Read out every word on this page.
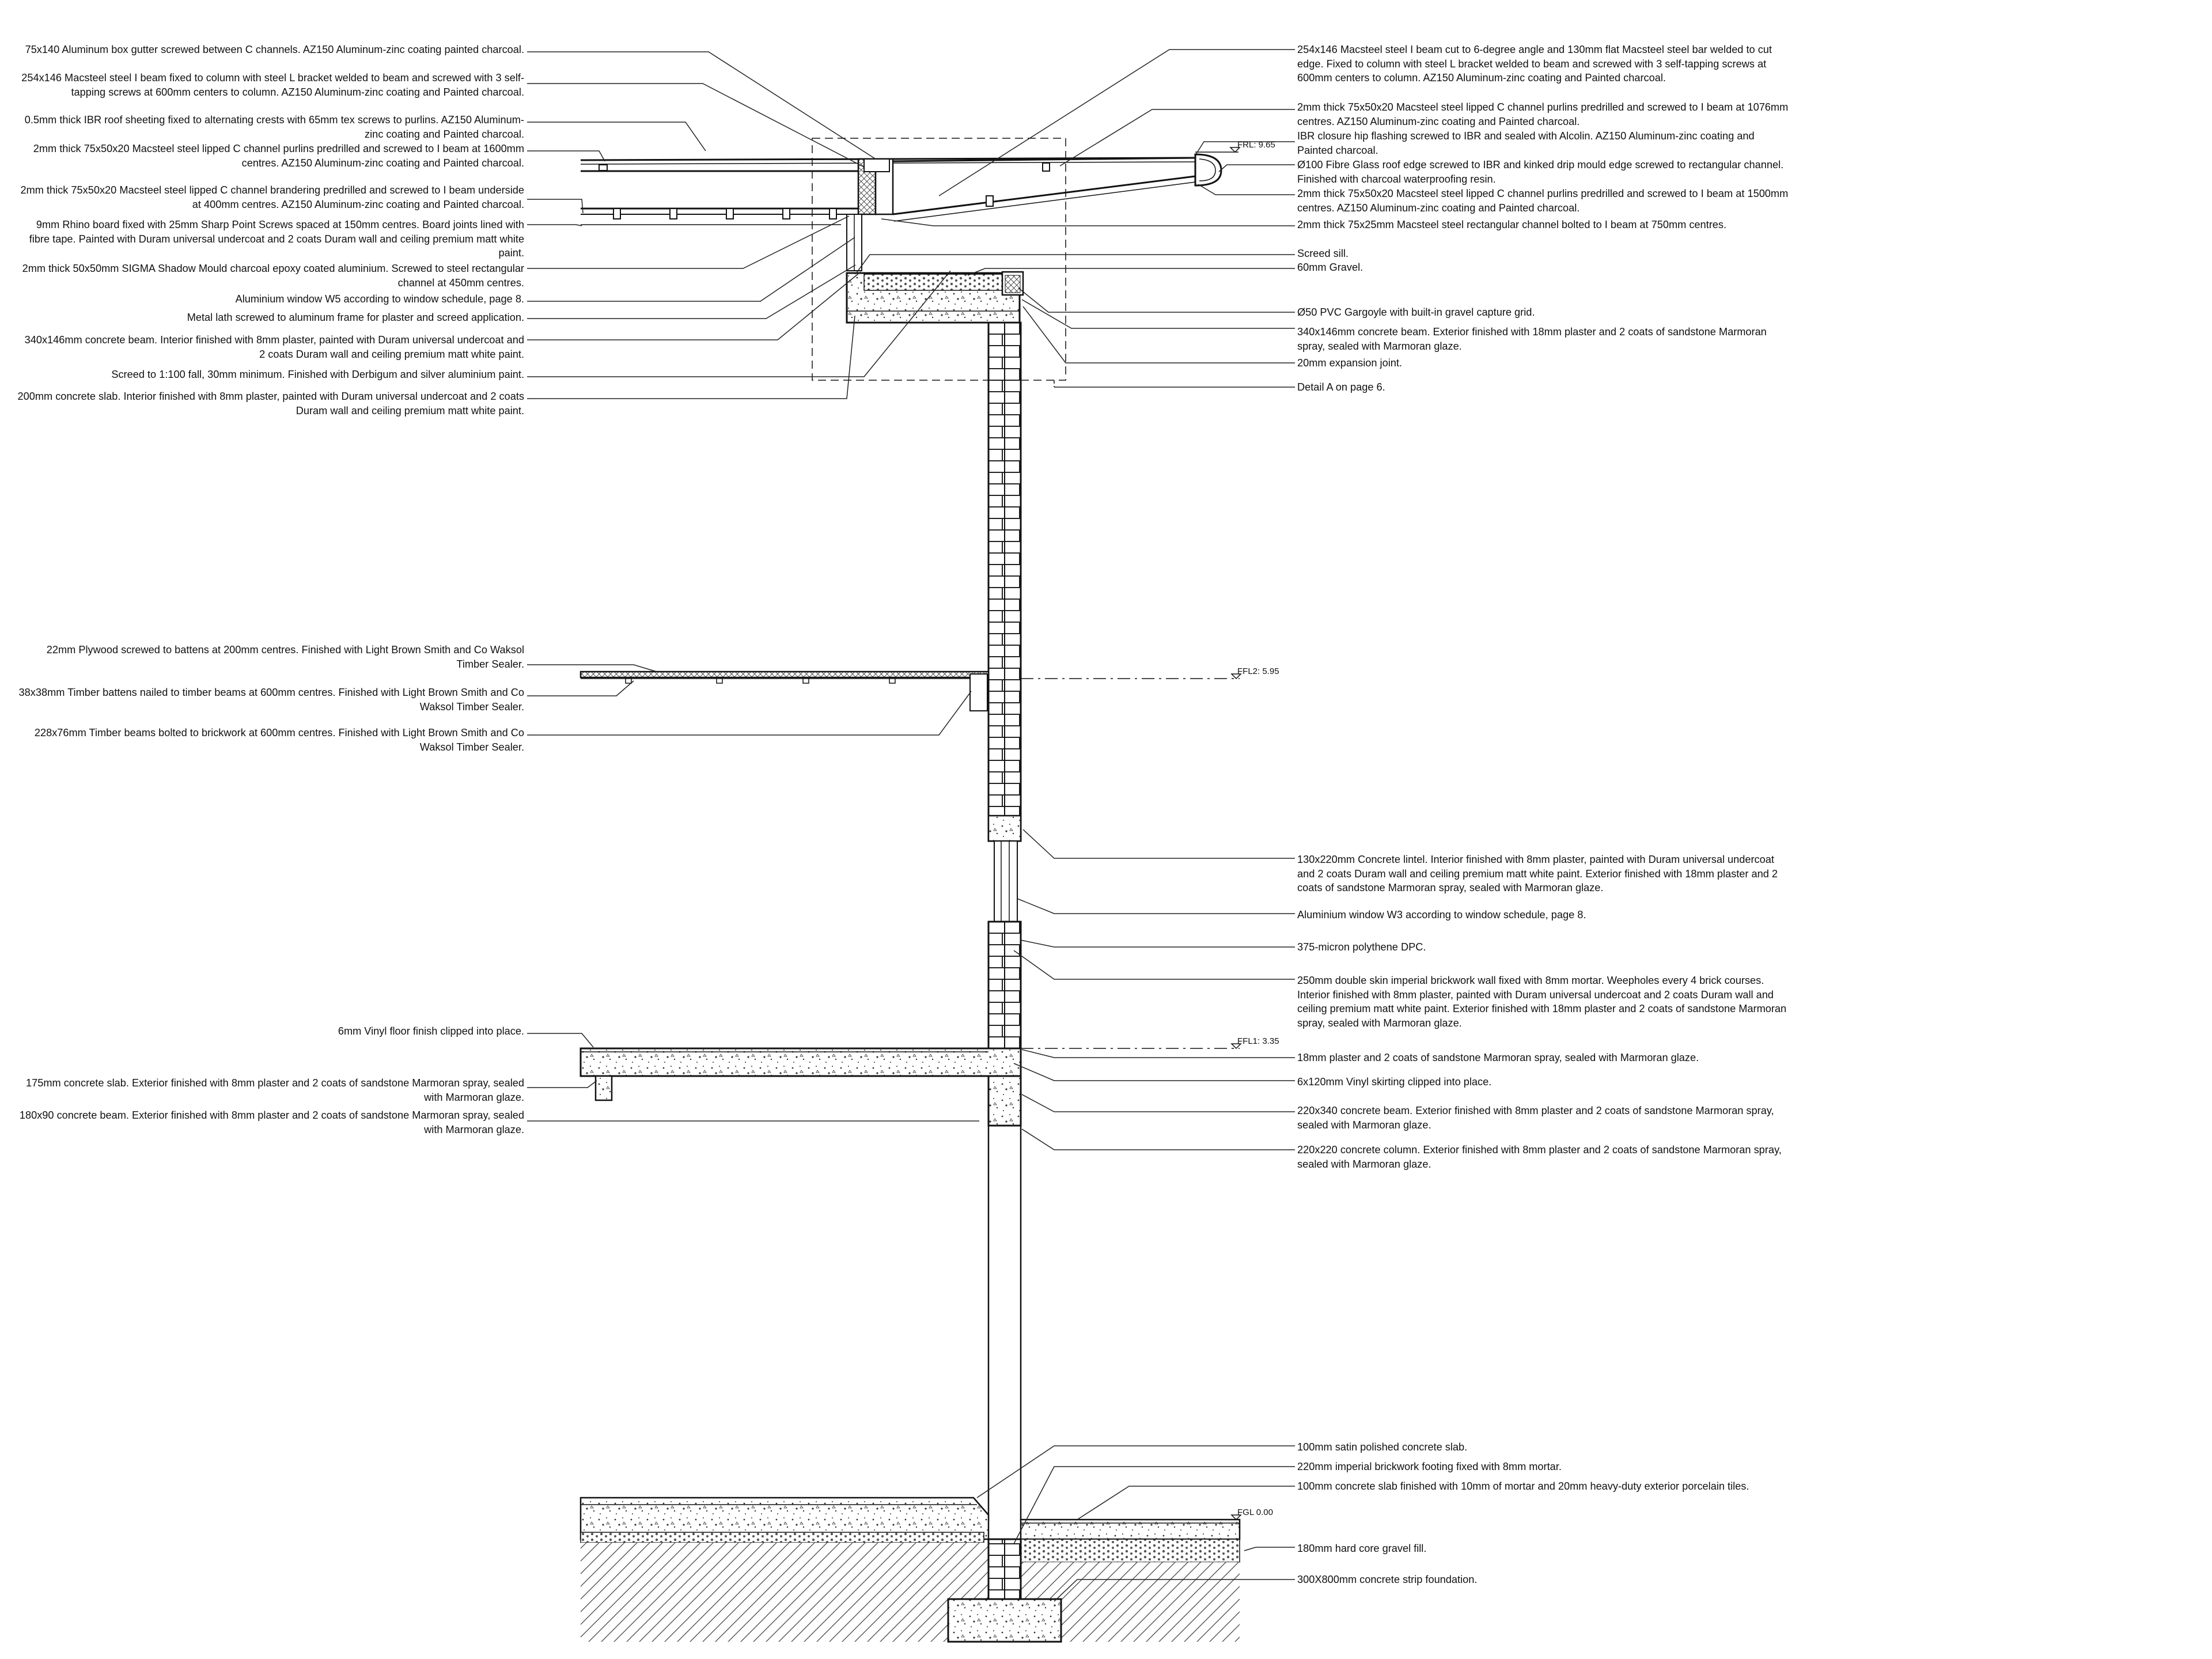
FRL: 9.65
FFL2: 5.95
FFL1: 3.35
FGL 0.00
75x140 Aluminum box gutter screwed between C channels. AZ150 Aluminum-zinc coating painted charcoal.
254x146 Macsteel steel I beam fixed to column with steel L bracket welded to beam and screwed with 3 self-tapping screws at 600mm centers to column. AZ150 Aluminum-zinc coating and Painted charcoal.
0.5mm thick IBR roof sheeting fixed to alternating crests with 65mm tex screws to purlins. AZ150 Aluminum-zinc coating and Painted charcoal.
2mm thick 75x50x20 Macsteel steel lipped C channel purlins predrilled and screwed to I beam at 1600mm centres. AZ150 Aluminum-zinc coating and Painted charcoal.
2mm thick 75x50x20 Macsteel steel lipped C channel brandering predrilled and screwed to I beam underside at 400mm centres. AZ150 Aluminum-zinc coating and Painted charcoal.
9mm Rhino board fixed with 25mm Sharp Point Screws spaced at 150mm centres. Board joints lined with fibre tape. Painted with Duram universal undercoat and 2 coats Duram wall and ceiling premium matt white paint.
2mm thick 50x50mm SIGMA Shadow Mould charcoal epoxy coated aluminium. Screwed to steel rectangular channel at 450mm centres.
Aluminium window W5 according to window schedule, page 8.
Metal lath screwed to aluminum frame for plaster and screed application.
340x146mm concrete beam. Interior finished with 8mm plaster, painted with Duram universal undercoat and 2 coats Duram wall and ceiling premium matt white paint.
Screed to 1:100 fall, 30mm minimum. Finished with Derbigum and silver aluminium paint.
200mm concrete slab. Interior finished with 8mm plaster, painted with Duram universal undercoat and 2 coats Duram wall and ceiling premium matt white paint.
22mm Plywood screwed to battens at 200mm centres. Finished with Light Brown Smith and Co Waksol Timber Sealer.
38x38mm Timber battens nailed to timber beams at 600mm centres. Finished with Light Brown Smith and Co Waksol Timber Sealer.
228x76mm Timber beams bolted to brickwork at 600mm centres. Finished with Light Brown Smith and Co Waksol Timber Sealer.
6mm Vinyl floor finish clipped into place.
175mm concrete slab. Exterior finished with 8mm plaster and 2 coats of sandstone Marmoran spray, sealed with Marmoran glaze.
180x90 concrete beam. Exterior finished with 8mm plaster and 2 coats of sandstone Marmoran spray, sealed with Marmoran glaze.
254x146 Macsteel steel I beam cut to 6-degree angle and 130mm flat Macsteel steel bar welded to cut edge. Fixed to column with steel L bracket welded to beam and screwed with 3 self-tapping screws at 600mm centers to column. AZ150 Aluminum-zinc coating and Painted charcoal.
2mm thick 75x50x20 Macsteel steel lipped C channel purlins predrilled and screwed to I beam at 1076mm centres. AZ150 Aluminum-zinc coating and Painted charcoal.
IBR closure hip flashing screwed to IBR and sealed with Alcolin. AZ150 Aluminum-zinc coating and Painted charcoal.
Ø100 Fibre Glass roof edge screwed to IBR and kinked drip mould edge screwed to rectangular channel. Finished with charcoal waterproofing resin.
2mm thick 75x50x20 Macsteel steel lipped C channel purlins predrilled and screwed to I beam at 1500mm centres. AZ150 Aluminum-zinc coating and Painted charcoal.
2mm thick 75x25mm Macsteel steel rectangular channel bolted to I beam at 750mm centres.
Screed sill.
60mm Gravel.
Ø50 PVC Gargoyle with built-in gravel capture grid.
340x146mm concrete beam. Exterior finished with 18mm plaster and 2 coats of sandstone Marmoran spray, sealed with Marmoran glaze.
20mm expansion joint.
Detail A on page 6.
130x220mm Concrete lintel. Interior finished with 8mm plaster, painted with Duram universal undercoat and 2 coats Duram wall and ceiling premium matt white paint. Exterior finished with 18mm plaster and 2 coats of sandstone Marmoran spray, sealed with Marmoran glaze.
Aluminium window W3 according to window schedule, page 8.
375-micron polythene DPC.
250mm double skin imperial brickwork wall fixed with 8mm mortar. Weepholes every 4 brick courses. Interior finished with 8mm plaster, painted with Duram universal undercoat and 2 coats Duram wall and ceiling premium matt white paint. Exterior finished with 18mm plaster and 2 coats of sandstone Marmoran spray, sealed with Marmoran glaze.
18mm plaster and 2 coats of sandstone Marmoran spray, sealed with Marmoran glaze.
6x120mm Vinyl skirting clipped into place.
220x340 concrete beam. Exterior finished with 8mm plaster and 2 coats of sandstone Marmoran spray, sealed with Marmoran glaze.
220x220 concrete column. Exterior finished with 8mm plaster and 2 coats of sandstone Marmoran spray, sealed with Marmoran glaze.
100mm satin polished concrete slab.
220mm imperial brickwork footing fixed with 8mm mortar.
100mm concrete slab finished with 10mm of mortar and 20mm heavy-duty exterior porcelain tiles.
180mm hard core gravel fill.
300X800mm concrete strip foundation.
